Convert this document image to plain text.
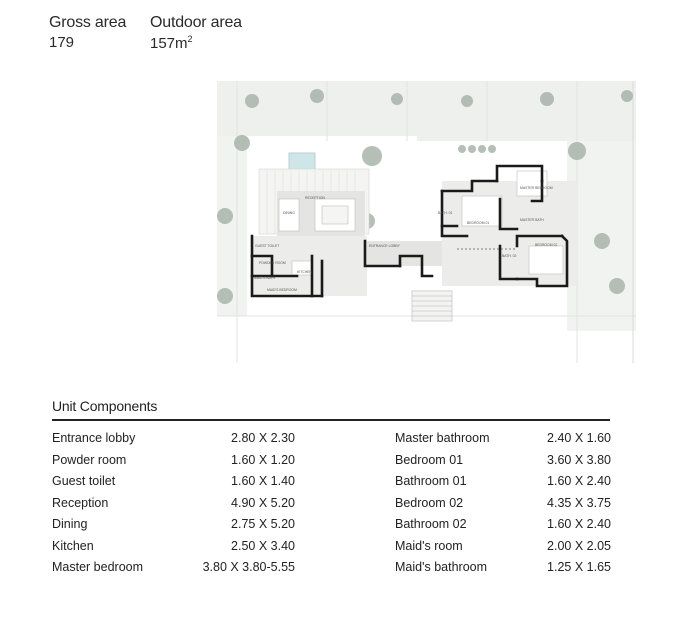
Gross area
179
Outdoor area
$157m^2$
RECEPTION
DINING
ENTRANCE LOBBY
KITCHEN
GUEST TOILET
POWDER ROOM
MAID'S BATH
MAID'S BEDROOM
BATH. 01
BEDROOM 01
MASTER BEDROOM
MASTER BATH
BATH. 02
BEDROOM 02
Unit Components
Entrance lobby	2.80 X 2.30
Powder room	1.60 X 1.20
Guest toilet	1.60 X 1.40
Reception	4.90 X 5.20
Dining	2.75 X 5.20
Kitchen	2.50 X 3.40
Master bedroom	3.80 X 3.80-5.55
Master bathroom	2.40 X 1.60
Bedroom 01	3.60 X 3.80
Bathroom 01	1.60 X 2.40
Bedroom 02	4.35 X 3.75
Bathroom 02	1.60 X 2.40
Maid's room	2.00 X 2.05
Maid's bathroom	1.25 X 1.65
